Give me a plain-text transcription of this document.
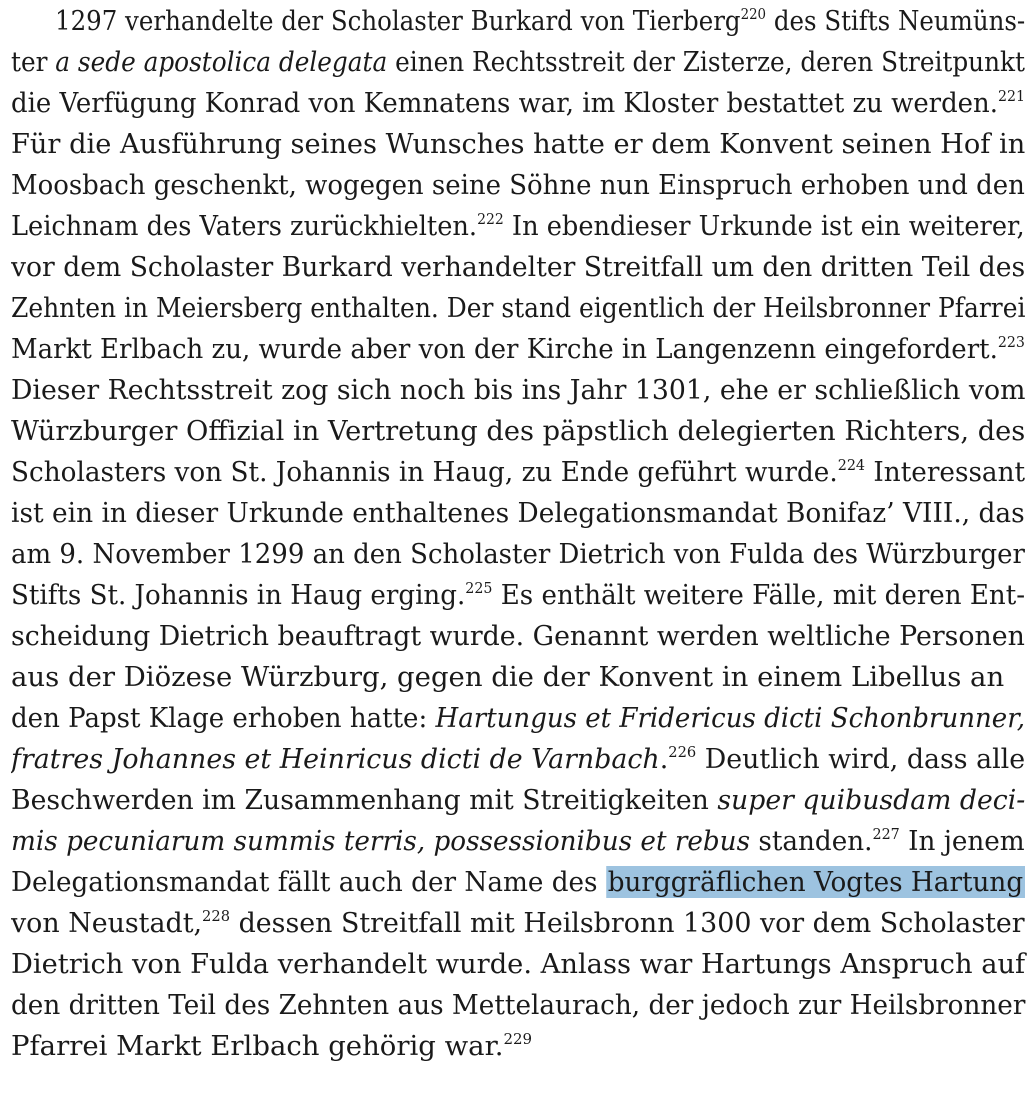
1297 verhandelte der Scholaster Burkard von Tierberg$^{220}$ des Stifts Neumüns-
ter a sede apostolica delegata einen Rechtsstreit der Zisterze, deren Streitpunkt
die Verfügung Konrad von Kemnatens war, im Kloster bestattet zu werden.$^{221}$
Für die Ausführung seines Wunsches hatte er dem Konvent seinen Hof in
Moosbach geschenkt, wogegen seine Söhne nun Einspruch erhoben und den
Leichnam des Vaters zurückhielten.$^{222}$ In ebendieser Urkunde ist ein weiterer,
vor dem Scholaster Burkard verhandelter Streitfall um den dritten Teil des
Zehnten in Meiersberg enthalten. Der stand eigentlich der Heilsbronner Pfarrei
Markt Erlbach zu, wurde aber von der Kirche in Langenzenn eingefordert.$^{223}$
Dieser Rechtsstreit zog sich noch bis ins Jahr 1301, ehe er schließlich vom
Würzburger Offizial in Vertretung des päpstlich delegierten Richters, des
Scholasters von St. Johannis in Haug, zu Ende geführt wurde.$^{224}$ Interessant
ist ein in dieser Urkunde enthaltenes Delegationsmandat Bonifaz’ VIII., das
am 9. November 1299 an den Scholaster Dietrich von Fulda des Würzburger
Stifts St. Johannis in Haug erging.$^{225}$ Es enthält weitere Fälle, mit deren Ent-
scheidung Dietrich beauftragt wurde. Genannt werden weltliche Personen
aus der Diözese Würzburg, gegen die der Konvent in einem Libellus an
den Papst Klage erhoben hatte: Hartungus et Fridericus dicti Schonbrunner,
fratres Johannes et Heinricus dicti de Varnbach.$^{226}$ Deutlich wird, dass alle
Beschwerden im Zusammenhang mit Streitigkeiten super quibusdam deci-
mis pecuniarum summis terris, possessionibus et rebus standen.$^{227}$ In jenem
Delegationsmandat fällt auch der Name des burggräflichen Vogtes Hartung
von Neustadt,$^{228}$ dessen Streitfall mit Heilsbronn 1300 vor dem Scholaster
Dietrich von Fulda verhandelt wurde. Anlass war Hartungs Anspruch auf
den dritten Teil des Zehnten aus Mettelaurach, der jedoch zur Heilsbronner
Pfarrei Markt Erlbach gehörig war.$^{229}$
